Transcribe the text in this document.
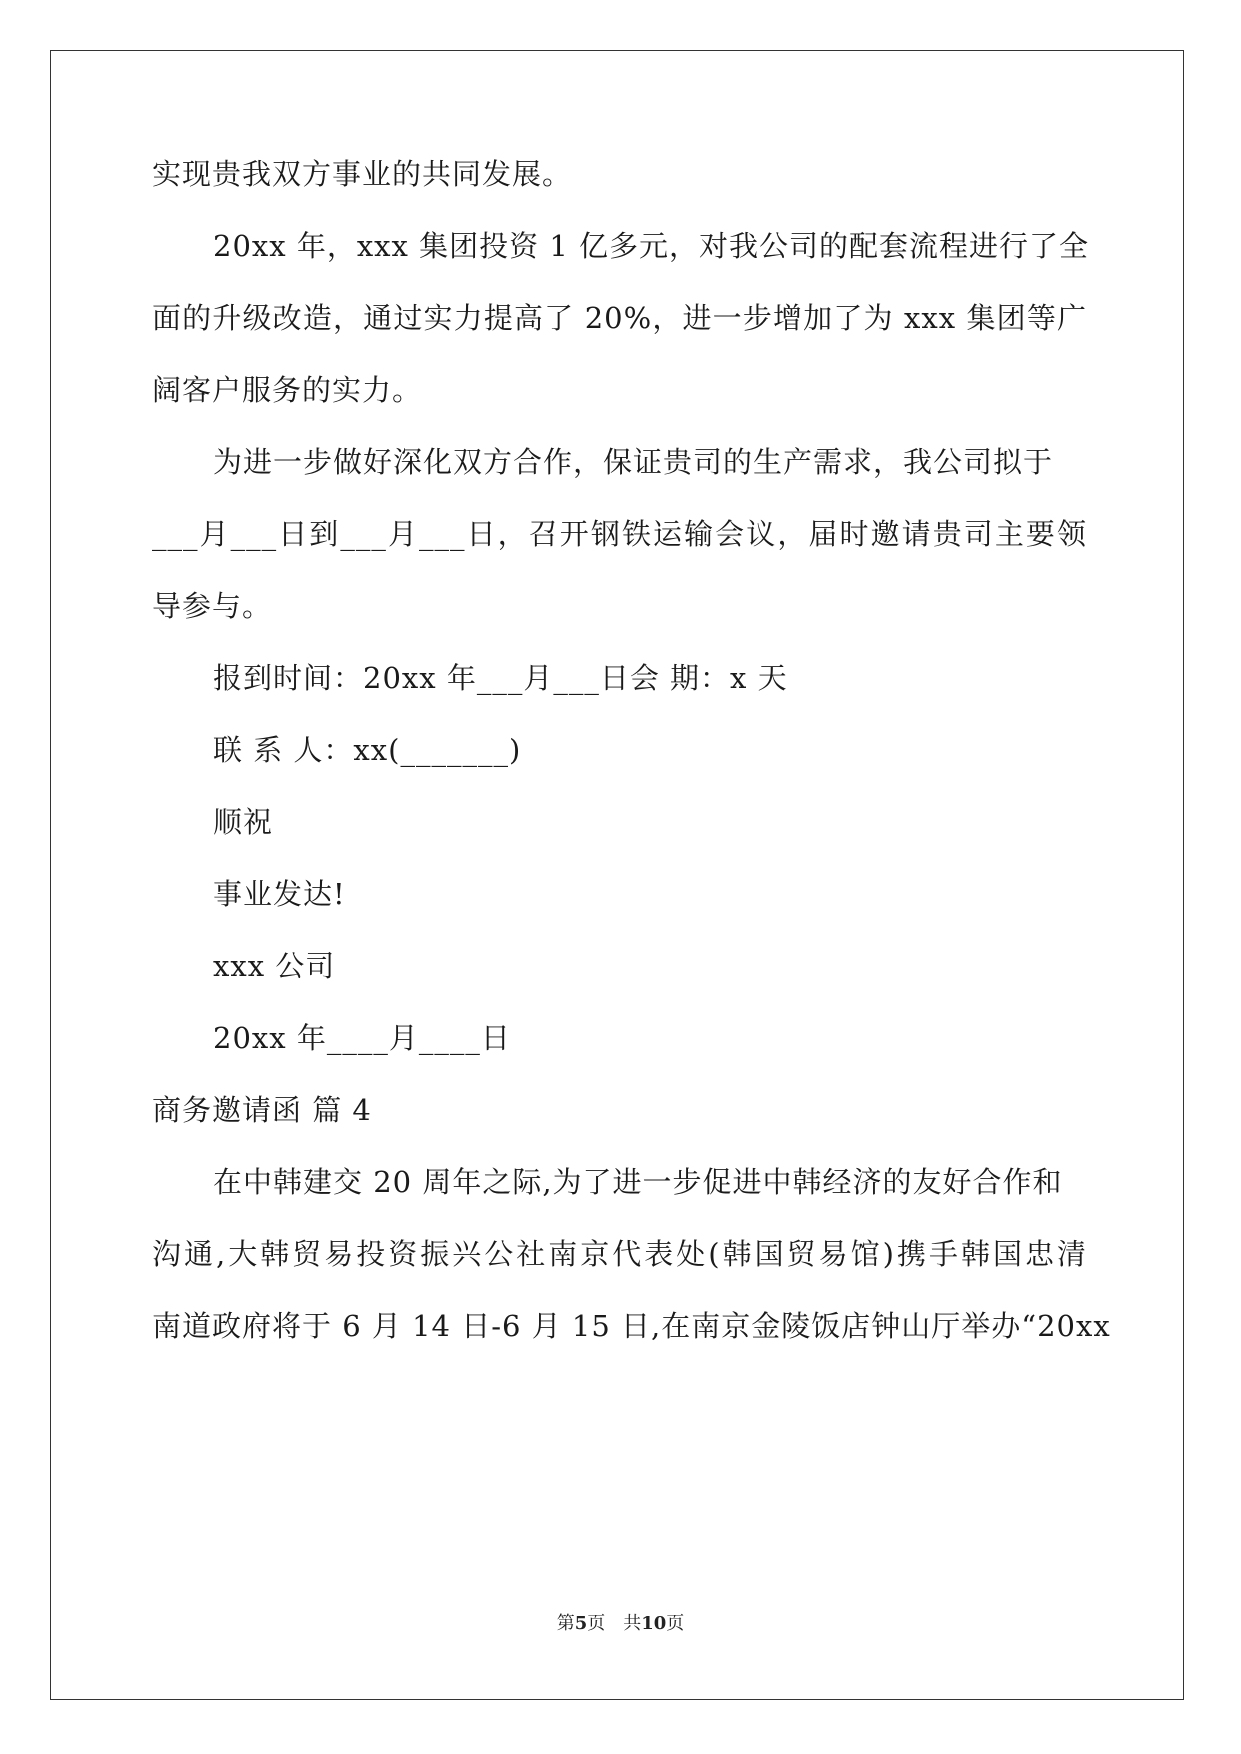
实现贵我双方事业的共同发展。
20xx 年，xxx 集团投资 1 亿多元，对我公司的配套流程进行了全
面的升级改造，通过实力提高了 20%，进一步增加了为 xxx 集团等广
阔客户服务的实力。
为进一步做好深化双方合作，保证贵司的生产需求，我公司拟于
___月___日到___月___日，召开钢铁运输会议，届时邀请贵司主要领
导参与。
报到时间：20xx 年___月___日会 期：x 天
联 系 人：xx(_______)
顺祝
事业发达!
xxx 公司
20xx 年____月____日
商务邀请函 篇 4
在中韩建交 20 周年之际,为了进一步促进中韩经济的友好合作和
沟通,大韩贸易投资振兴公社南京代表处(韩国贸易馆)携手韩国忠清
南道政府将于 6 月 14 日-6 月 15 日,在南京金陵饭店钟山厅举办“20xx
第5页 共10页
